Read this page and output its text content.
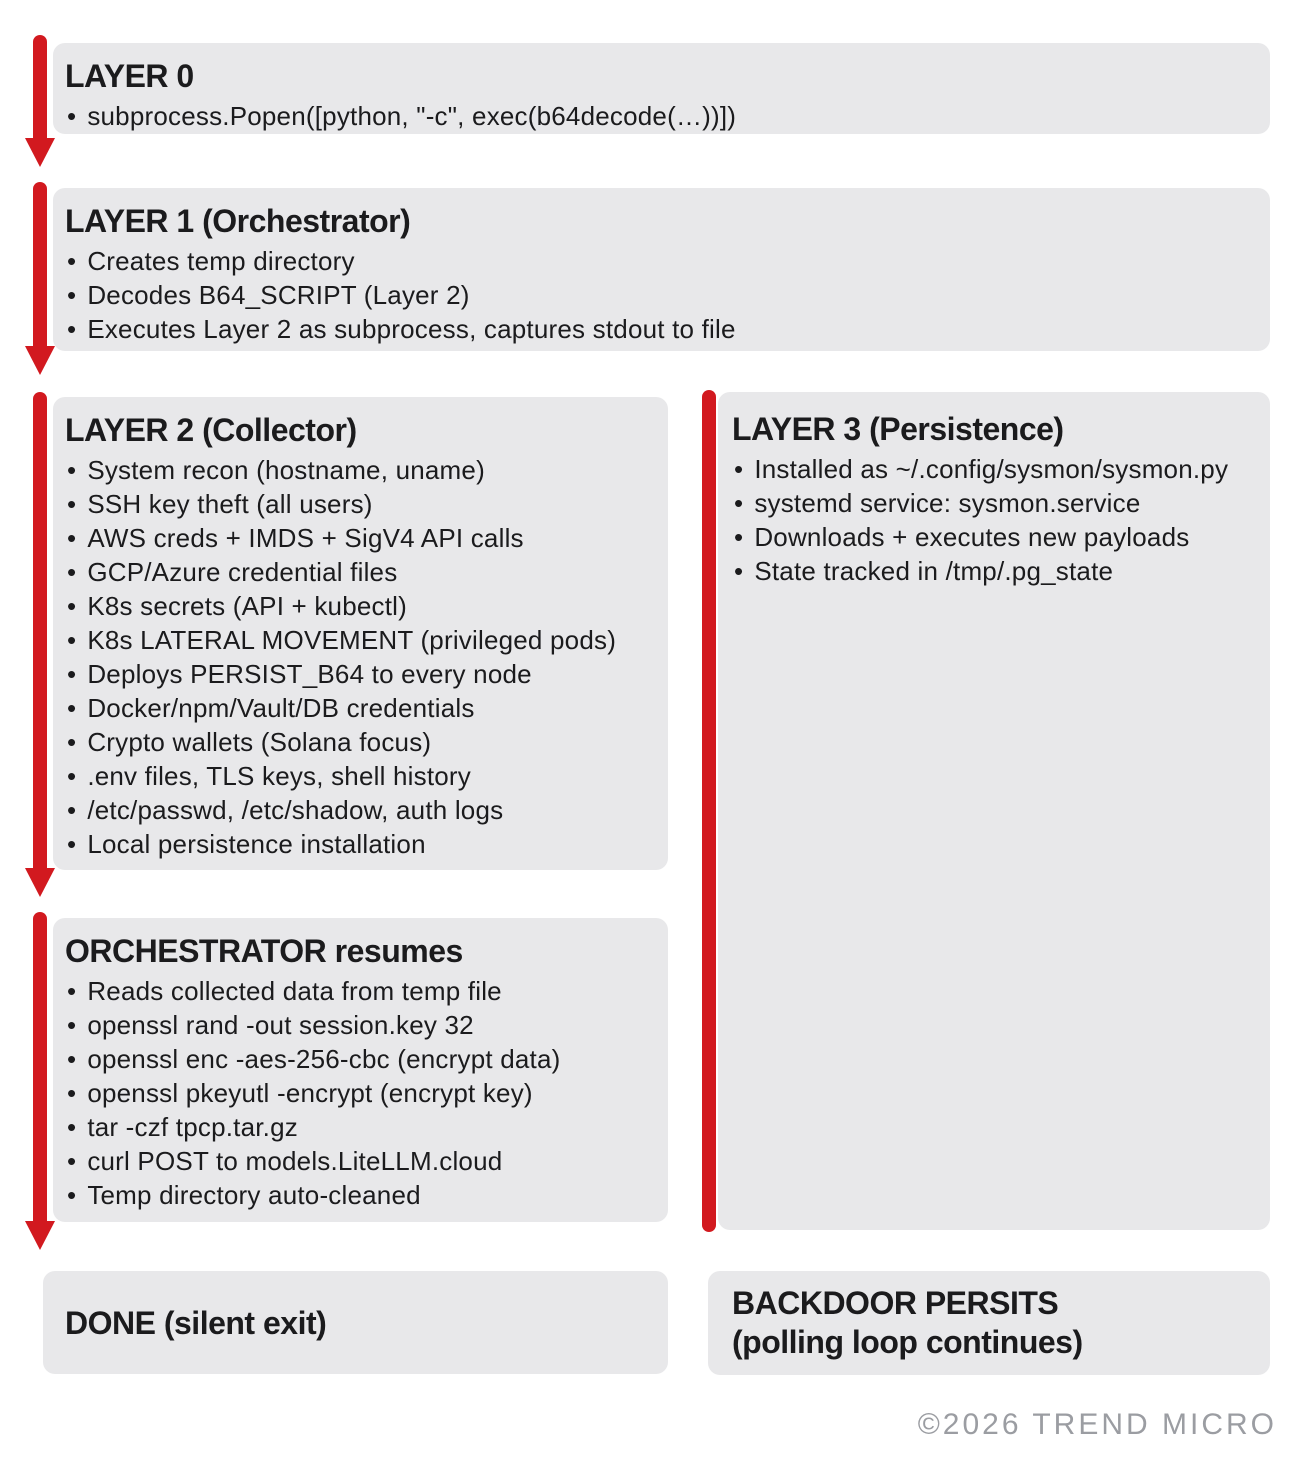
LAYER 0
• subprocess.Popen([python, "-c", exec(b64decode(…))])
LAYER 1 (Orchestrator)
• Creates temp directory
• Decodes B64_SCRIPT (Layer 2)
• Executes Layer 2 as subprocess, captures stdout to file
LAYER 2 (Collector)
• System recon (hostname, uname)
• SSH key theft (all users)
• AWS creds + IMDS + SigV4 API calls
• GCP/Azure credential files
• K8s secrets (API + kubectl)
• K8s LATERAL MOVEMENT (privileged pods)
• Deploys PERSIST_B64 to every node
• Docker/npm/Vault/DB credentials
• Crypto wallets (Solana focus)
• .env files, TLS keys, shell history
• /etc/passwd, /etc/shadow, auth logs
• Local persistence installation
LAYER 3 (Persistence)
• Installed as ~/.config/sysmon/sysmon.py
• systemd service: sysmon.service
• Downloads + executes new payloads
• State tracked in /tmp/.pg_state
ORCHESTRATOR resumes
• Reads collected data from temp file
• openssl rand -out session.key 32
• openssl enc -aes-256-cbc (encrypt data)
• openssl pkeyutl -encrypt (encrypt key)
• tar -czf tpcp.tar.gz
• curl POST to models.LiteLLM.cloud
• Temp directory auto-cleaned
DONE (silent exit)
BACKDOOR PERSITS
(polling loop continues)
©2026 TREND MICRO
